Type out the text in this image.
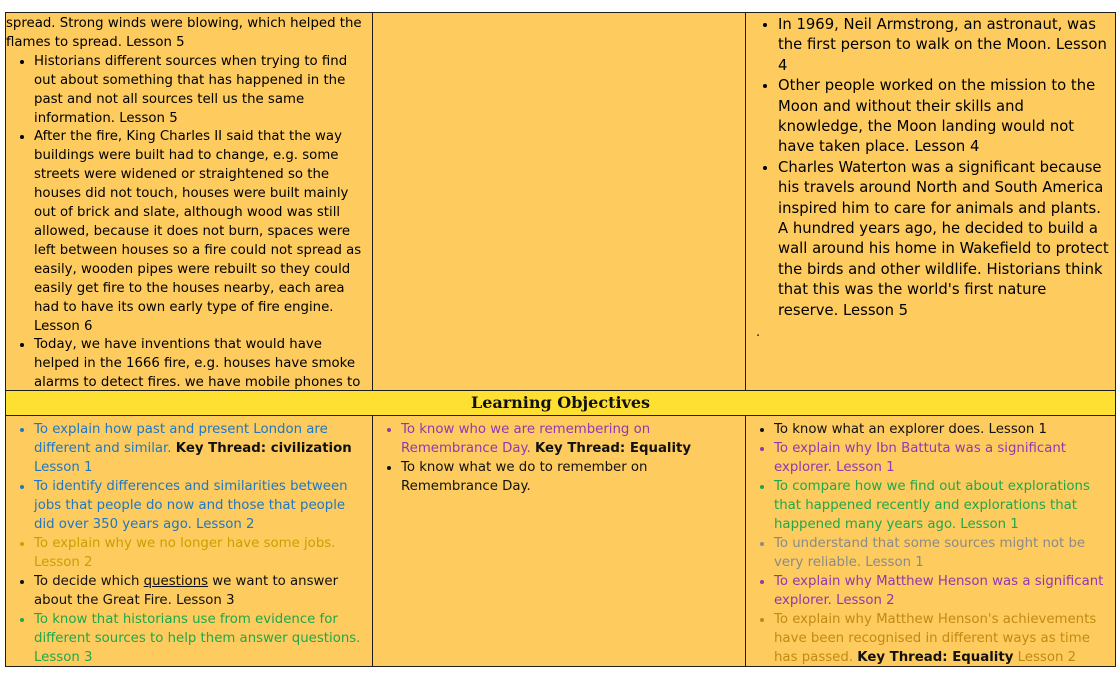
spread. Strong winds were blowing, which helped the flames to spread. Lesson 5
• Historians different sources when trying to find out about something that has happened in the past and not all sources tell us the same information. Lesson 5
• After the fire, King Charles II said that the way buildings were built had to change, e.g. some streets were widened or straightened so the houses did not touch, houses were built mainly out of brick and slate, although wood was still allowed, because it does not burn, spaces were left between houses so a fire could not spread as easily, wooden pipes were rebuilt so they could easily get fire to the houses nearby, each area had to have its own early type of fire engine. Lesson 6
• Today, we have inventions that would have helped in the 1666 fire, e.g. houses have smoke alarms to detect fires. we have mobile phones to
• In 1969, Neil Armstrong, an astronaut, was the first person to walk on the Moon. Lesson 4
• Other people worked on the mission to the Moon and without their skills and knowledge, the Moon landing would not have taken place. Lesson 4
• Charles Waterton was a significant because his travels around North and South America inspired him to care for animals and plants. A hundred years ago, he decided to build a wall around his home in Wakefield to protect the birds and other wildlife. Historians think that this was the world's first nature reserve. Lesson 5
.
Learning Objectives
• To explain how past and present London are different and similar. Key Thread: civilization Lesson 1
• To identify differences and similarities between jobs that people do now and those that people did over 350 years ago. Lesson 2
• To explain why we no longer have some jobs. Lesson 2
• To decide which questions we want to answer about the Great Fire. Lesson 3
• To know that historians use from evidence for different sources to help them answer questions. Lesson 3
• To know who we are remembering on Remembrance Day. Key Thread: Equality
• To know what we do to remember on Remembrance Day.
• To know what an explorer does. Lesson 1
• To explain why Ibn Battuta was a significant explorer. Lesson 1
• To compare how we find out about explorations that happened recently and explorations that happened many years ago. Lesson 1
• To understand that some sources might not be very reliable. Lesson 1
• To explain why Matthew Henson was a significant explorer. Lesson 2
• To explain why Matthew Henson's achievements have been recognised in different ways as time has passed. Key Thread: Equality Lesson 2
